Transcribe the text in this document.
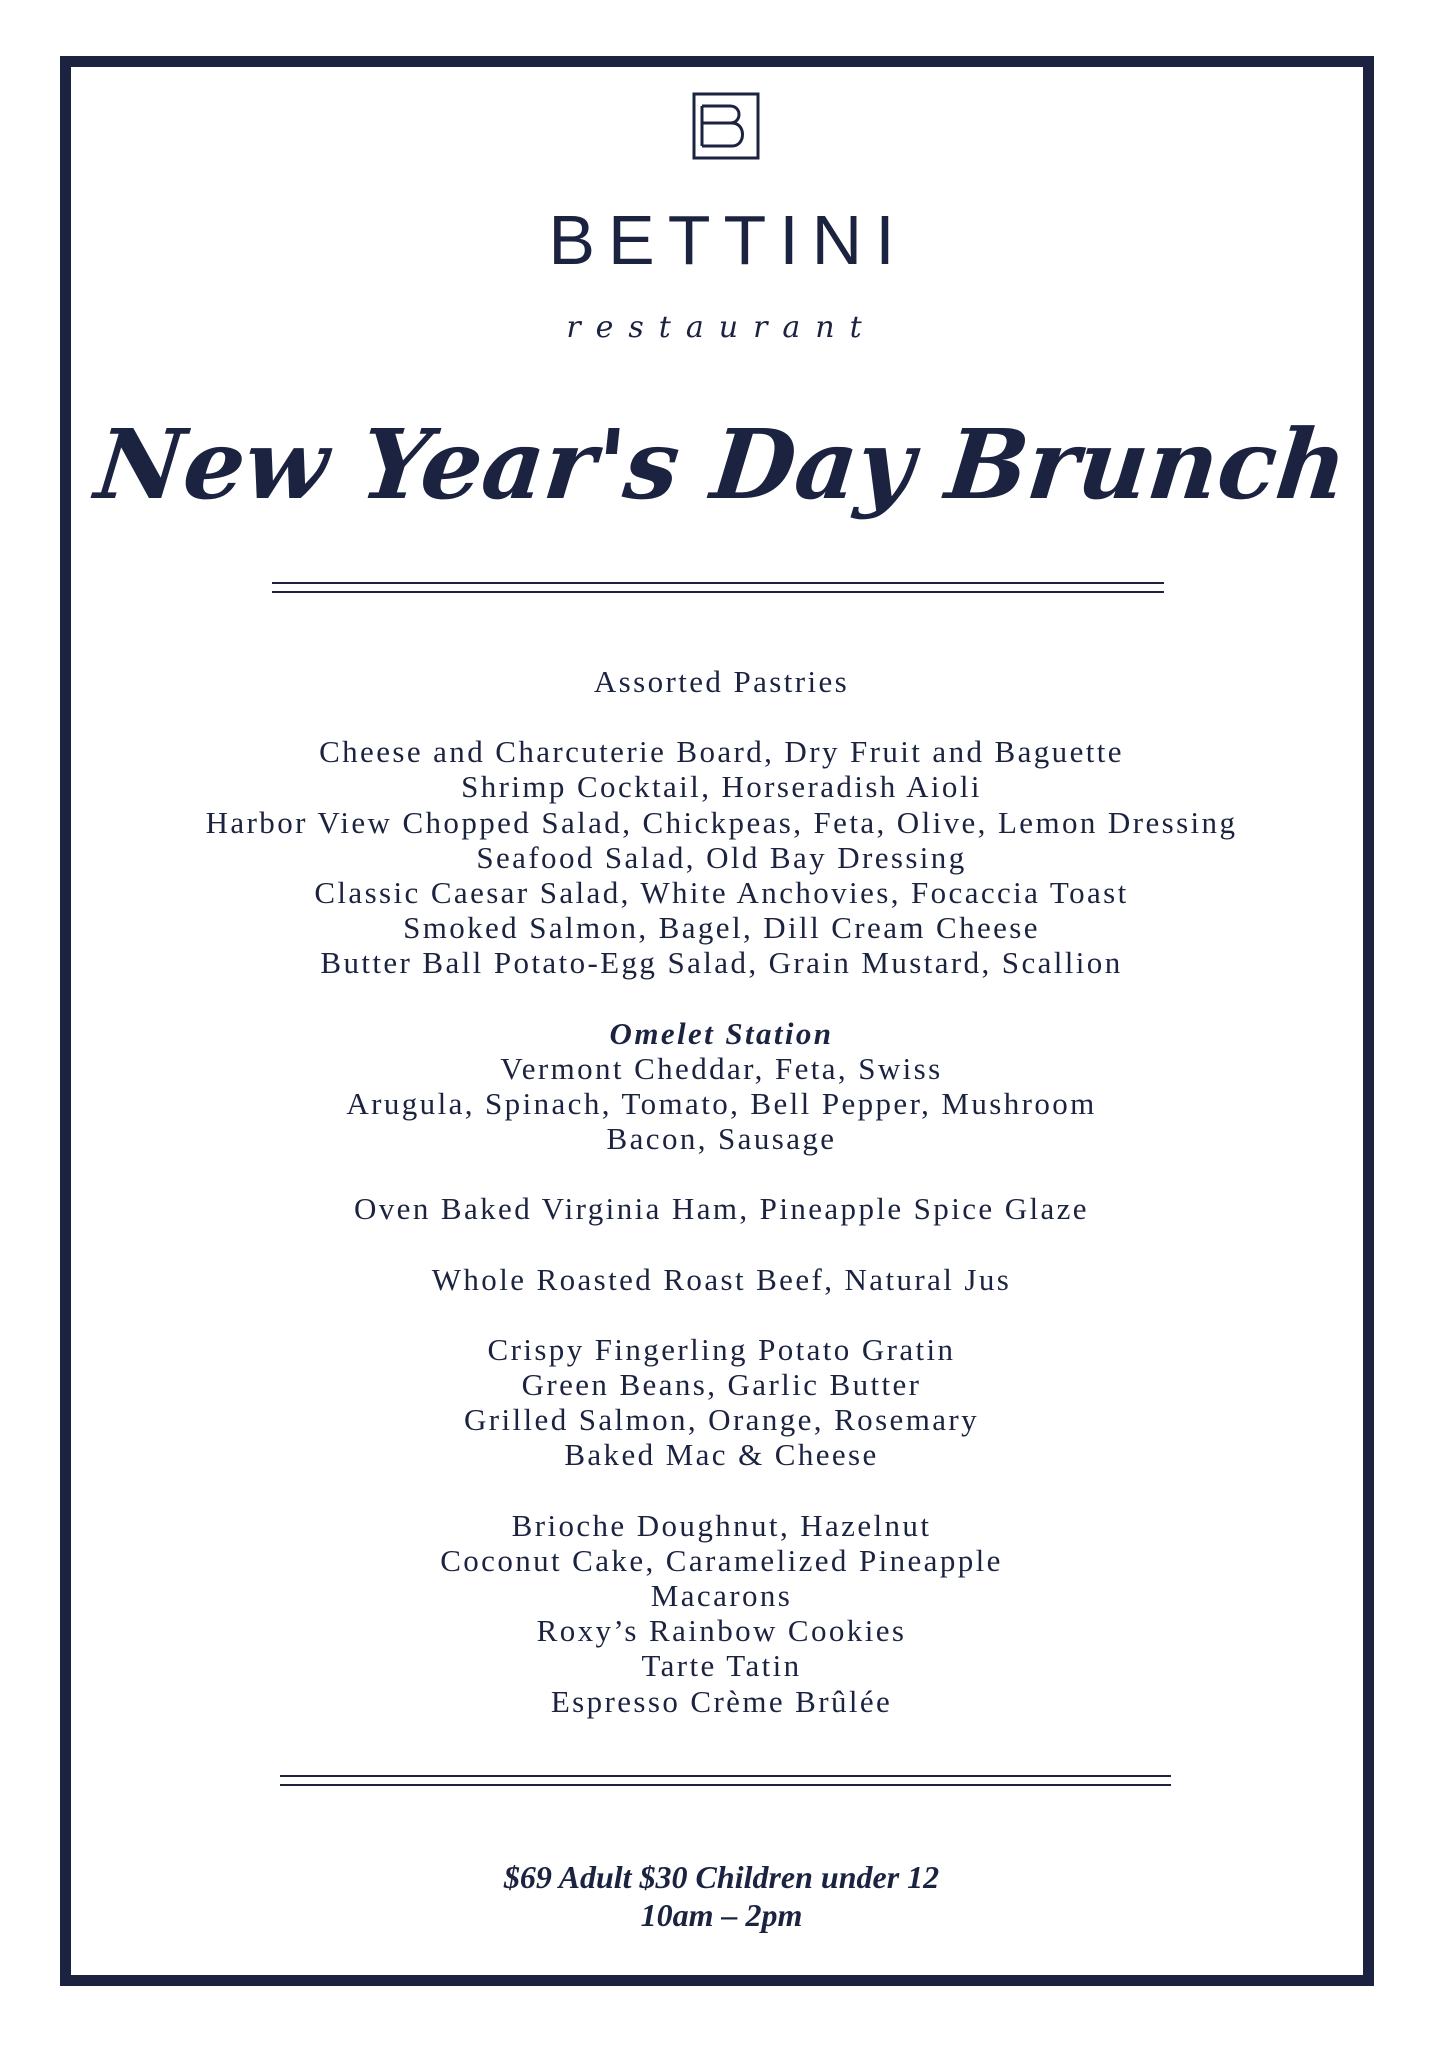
BETTINI
restaurant
New Year's Day Brunch
Assorted Pastries
Cheese and Charcuterie Board, Dry Fruit and Baguette
Shrimp Cocktail, Horseradish Aioli
Harbor View Chopped Salad, Chickpeas, Feta, Olive, Lemon Dressing
Seafood Salad, Old Bay Dressing
Classic Caesar Salad, White Anchovies, Focaccia Toast
Smoked Salmon, Bagel, Dill Cream Cheese
Butter Ball Potato-Egg Salad, Grain Mustard, Scallion
Omelet Station
Vermont Cheddar, Feta, Swiss
Arugula, Spinach, Tomato, Bell Pepper, Mushroom
Bacon, Sausage
Oven Baked Virginia Ham, Pineapple Spice Glaze
Whole Roasted Roast Beef, Natural Jus
Crispy Fingerling Potato Gratin
Green Beans, Garlic Butter
Grilled Salmon, Orange, Rosemary
Baked Mac & Cheese
Brioche Doughnut, Hazelnut
Coconut Cake, Caramelized Pineapple
Macarons
Roxy’s Rainbow Cookies
Tarte Tatin
Espresso Crème Brûlée
$69 Adult $30 Children under 12
10am – 2pm
